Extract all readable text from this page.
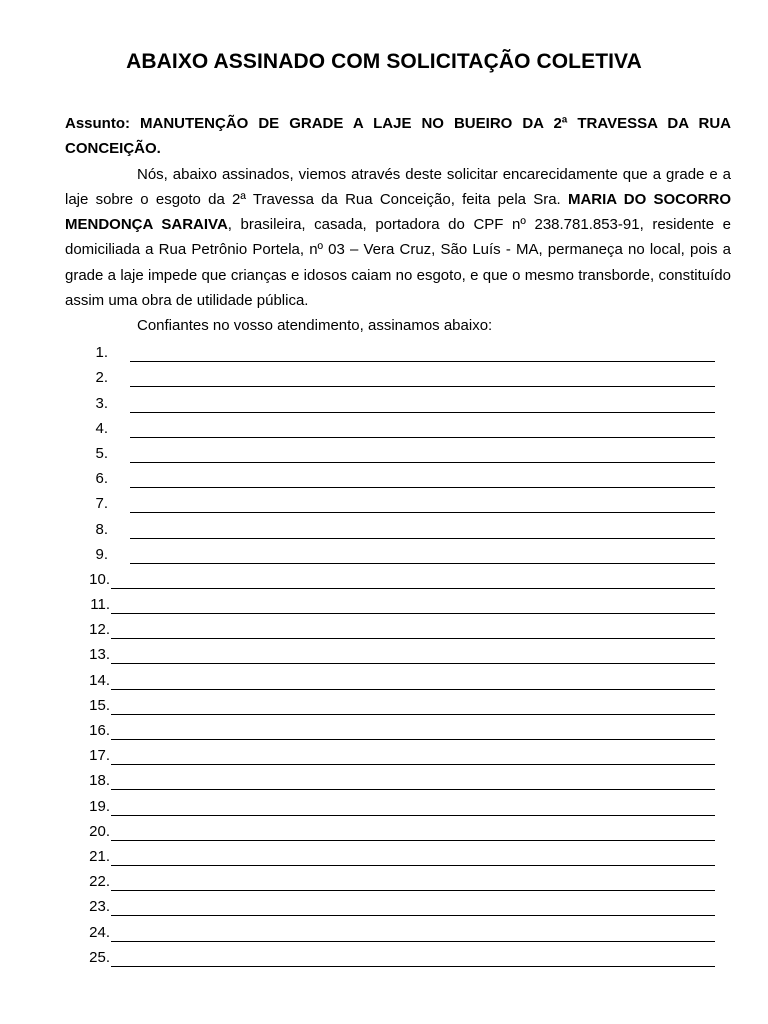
ABAIXO ASSINADO COM SOLICITAÇÃO COLETIVA

Assunto: MANUTENÇÃO DE GRADE A LAJE NO BUEIRO DA 2ª TRAVESSA DA RUA CONCEIÇÃO.

Nós, abaixo assinados, viemos através deste solicitar encarecidamente que a grade e a laje sobre o esgoto da 2ª Travessa da Rua Conceição, feita pela Sra. MARIA DO SOCORRO MENDONÇA SARAIVA, brasileira, casada, portadora do CPF nº 238.781.853-91, residente e domiciliada a Rua Petrônio Portela, nº 03 – Vera Cruz, São Luís - MA, permaneça no local, pois a grade a laje impede que crianças e idosos caiam no esgoto, e que o mesmo transborde, constituído assim uma obra de utilidade pública.

Confiantes no vosso atendimento, assinamos abaixo:

1.
2.
3.
4.
5.
6.
7.
8.
9.
10.
11.
12.
13.
14.
15.
16.
17.
18.
19.
20.
21.
22.
23.
24.
25.
